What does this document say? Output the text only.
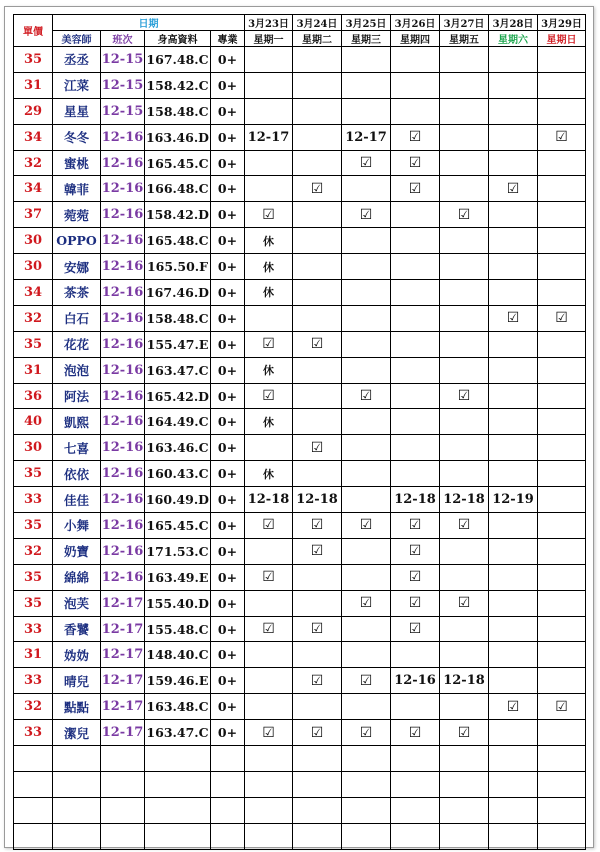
單價	日期				3月23日	3月24日	3月25日	3月26日	3月27日	3月28日	3月29日
	美容師	班次	身高資料	專業	星期一	星期二	星期三	星期四	星期五	星期六	星期日
35	丞丞	12-15	167.48.C	0+							
31	江菜	12-15	158.42.C	0+							
29	星星	12-15	158.48.C	0+							
34	冬冬	12-16	163.46.D	0+	12-17		12-17	☑			☑
32	蜜桃	12-16	165.45.C	0+			☑	☑			
34	韓菲	12-16	166.48.C	0+		☑		☑		☑	
37	菀菀	12-16	158.42.D	0+	☑		☑		☑		
30	OPPO	12-16	165.48.C	0+	休						
30	安娜	12-16	165.50.F	0+	休						
34	茶茶	12-16	167.46.D	0+	休						
32	白石	12-16	158.48.C	0+						☑	☑
35	花花	12-16	155.47.E	0+	☑	☑					
31	泡泡	12-16	163.47.C	0+	休						
36	阿法	12-16	165.42.D	0+	☑		☑		☑		
40	凱熙	12-16	164.49.C	0+	休						
30	七喜	12-16	163.46.C	0+		☑					
35	依依	12-16	160.43.C	0+	休						
33	佳佳	12-16	160.49.D	0+	12-18	12-18		12-18	12-18	12-19	
35	小舞	12-16	165.45.C	0+	☑	☑	☑	☑	☑		
32	奶寶	12-16	171.53.C	0+		☑		☑			
35	綿綿	12-16	163.49.E	0+	☑			☑			
35	泡芙	12-17	155.40.D	0+			☑	☑	☑		
33	香饕	12-17	155.48.C	0+	☑	☑		☑			
31	妫妫	12-17	148.40.C	0+							
33	晴兒	12-17	159.46.E	0+		☑	☑	12-16	12-18		
32	點點	12-17	163.48.C	0+						☑	☑
33	潔兒	12-17	163.47.C	0+	☑	☑	☑	☑	☑		
